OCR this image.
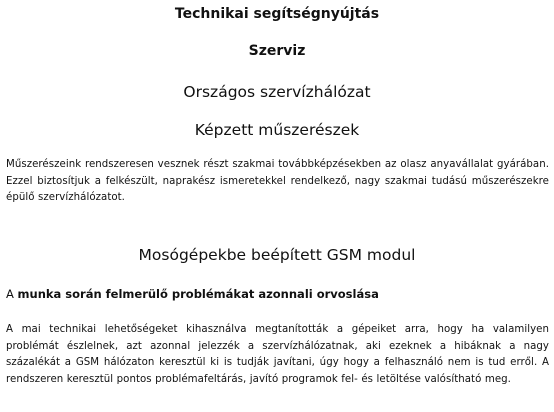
Technikai segítségnyújtás
Szerviz
Országos szervízhálózat
Képzett műszerészek
Műszerészeink rendszeresen vesznek részt szakmai továbbképzésekben az olasz anyavállalat gyárában. Ezzel biztosítjuk a felkészült, naprakész ismeretekkel rendelkező, nagy szakmai tudású műszerészekre épülő szervízhálózatot.
Mosógépekbe beépített GSM modul
A munka során felmerülő problémákat azonnali orvoslása
A mai technikai lehetőségeket kihasználva megtanították a gépeiket arra, hogy ha valamilyen problémát észlelnek, azt azonnal jelezzék a szervízhálózatnak, aki ezeknek a hibáknak a nagy százalékát a GSM hálózaton keresztül ki is tudják javítani, úgy hogy a felhasználó nem is tud erről. A rendszeren keresztül pontos problémafeltárás, javító programok fel- és letöltése valósítható meg.
